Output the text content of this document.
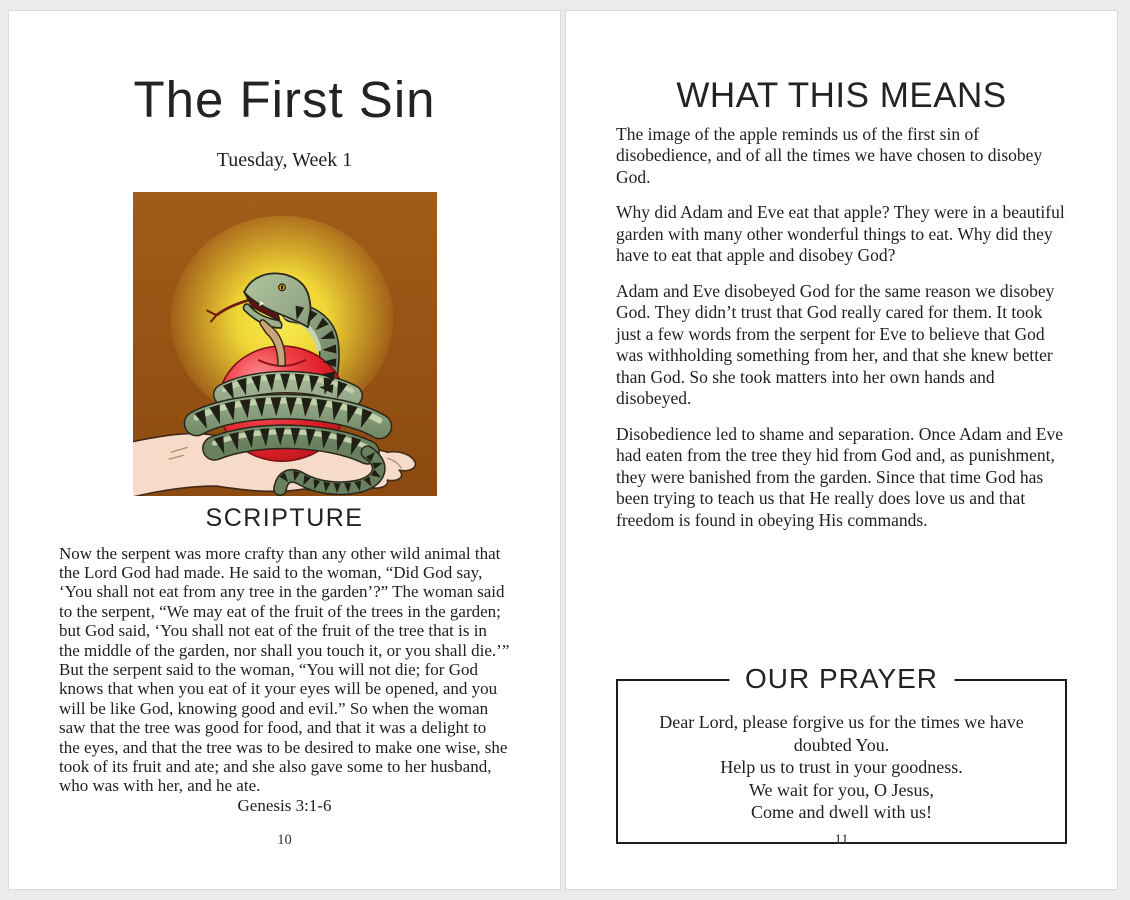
The First Sin
Tuesday, Week 1
SCRIPTURE
Now the serpent was more crafty than any other wild animal that the Lord God had made. He said to the woman, “Did God say, ‘You shall not eat from any tree in the garden’?” The woman said to the serpent, “We may eat of the fruit of the trees in the garden; but God said, ‘You shall not eat of the fruit of the tree that is in the middle of the garden, nor shall you touch it, or you shall die.’” But the serpent said to the woman, “You will not die; for God knows that when you eat of it your eyes will be opened, and you will be like God, knowing good and evil.” So when the woman saw that the tree was good for food, and that it was a delight to the eyes, and that the tree was to be desired to make one wise, she took of its fruit and ate; and she also gave some to her husband, who was with her, and he ate.
Genesis 3:1-6
10
WHAT THIS MEANS

The image of the apple reminds us of the first sin of disobedience, and of all the times we have chosen to disobey God.

Why did Adam and Eve eat that apple? They were in a beautiful garden with many other wonderful things to eat. Why did they have to eat that apple and disobey God?

Adam and Eve disobeyed God for the same reason we disobey God. They didn’t trust that God really cared for them. It took just a few words from the serpent for Eve to believe that God was withholding something from her, and that she knew better than God. So she took matters into her own hands and disobeyed.

Disobedience led to shame and separation. Once Adam and Eve had eaten from the tree they hid from God and, as punishment, they were banished from the garden. Since that time God has been trying to teach us that He really does love us and that freedom is found in obeying His commands.

OUR PRAYER
Dear Lord, please forgive us for the times we have doubted You.
Help us to trust in your goodness.
We wait for you, O Jesus,
Come and dwell with us!
11
